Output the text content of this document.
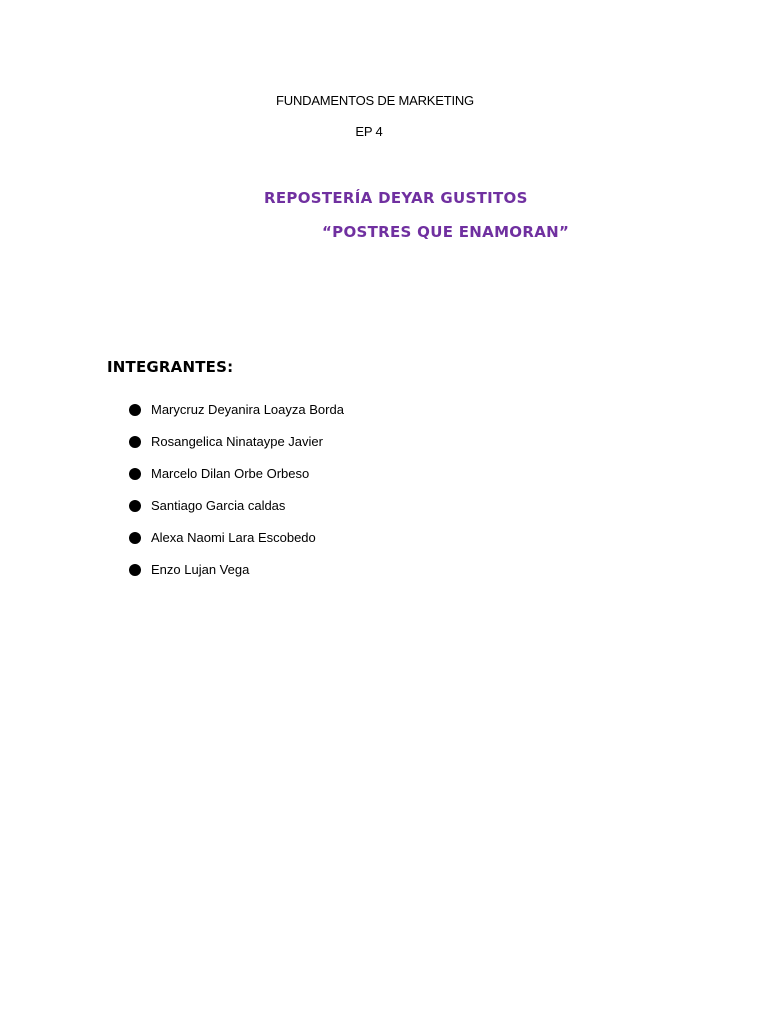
FUNDAMENTOS DE MARKETING
EP 4
REPOSTERÍA DEYAR GUSTITOS
“POSTRES QUE ENAMORAN”
INTEGRANTES:
Marycruz Deyanira Loayza Borda
Rosangelica Ninataype Javier
Marcelo Dilan Orbe Orbeso
Santiago Garcia caldas
Alexa Naomi Lara Escobedo
Enzo Lujan Vega
